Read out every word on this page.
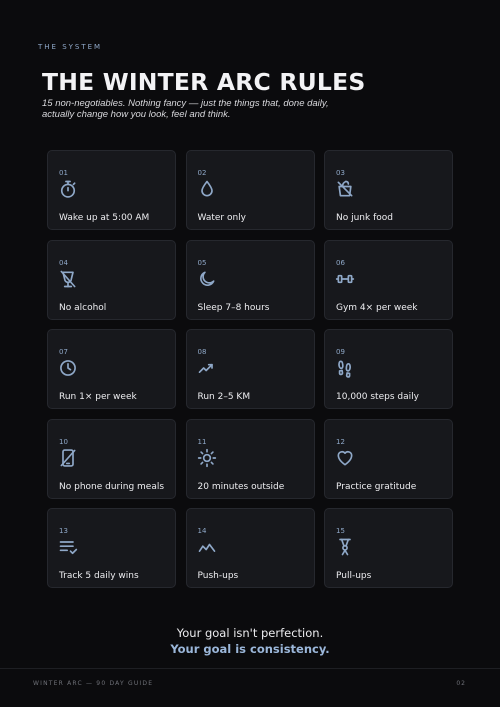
THE SYSTEM
THE WINTER ARC RULES

15 non-negotiables. Nothing fancy — just the things that, done daily, actually change how you look, feel and think.

01
Wake up at 5:00 AM
02
Water only
03
No junk food
04
No alcohol
05
Sleep 7–8 hours
06
Gym 4× per week
07
Run 1× per week
08
Run 2–5 KM
09
10,000 steps daily
10
No phone during meals
11
20 minutes outside
12
Practice gratitude
13
Track 5 daily wins
14
Push-ups
15
Pull-ups
Your goal isn't perfection.
Your goal is consistency.
WINTER ARC — 90 DAY GUIDE	02
